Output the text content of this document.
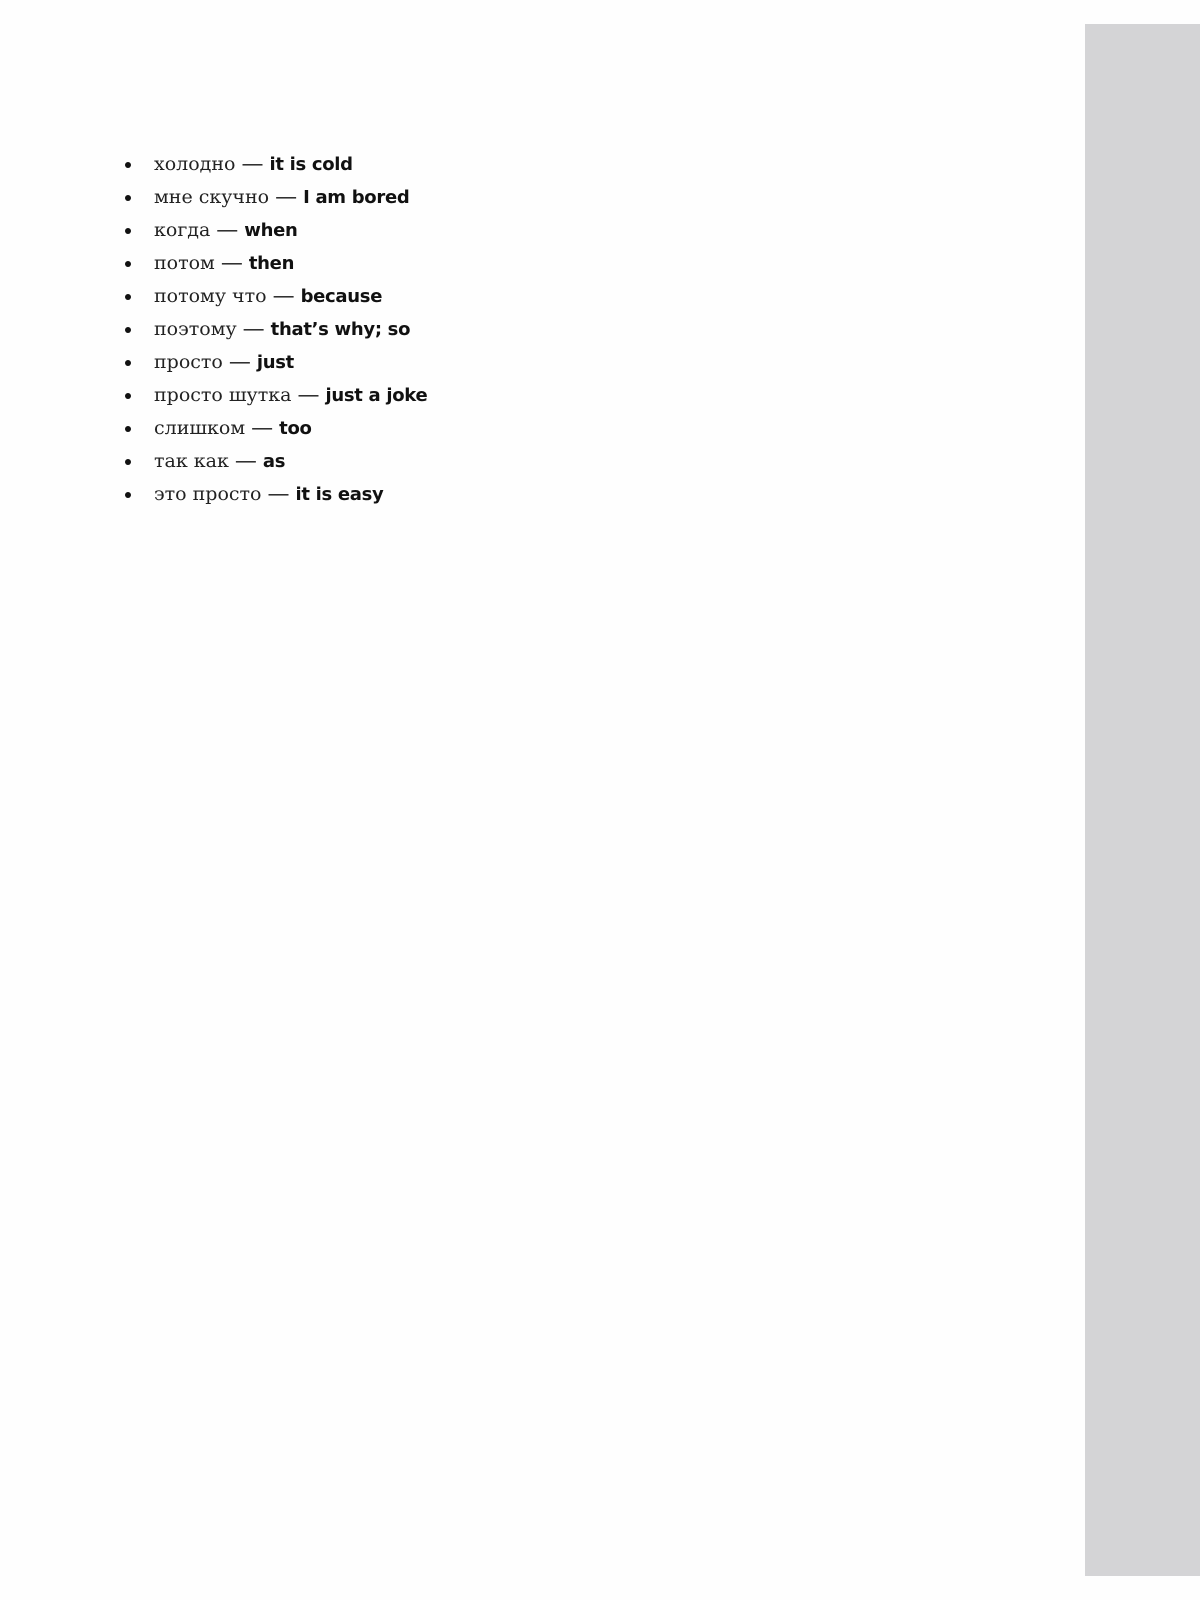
холодно — it is cold
мне скучно — I am bored
когда — when
потом — then
потому что — because
поэтому — that’s why; so
просто — just
просто шутка — just a joke
слишком — too
так как — as
это просто — it is easy
